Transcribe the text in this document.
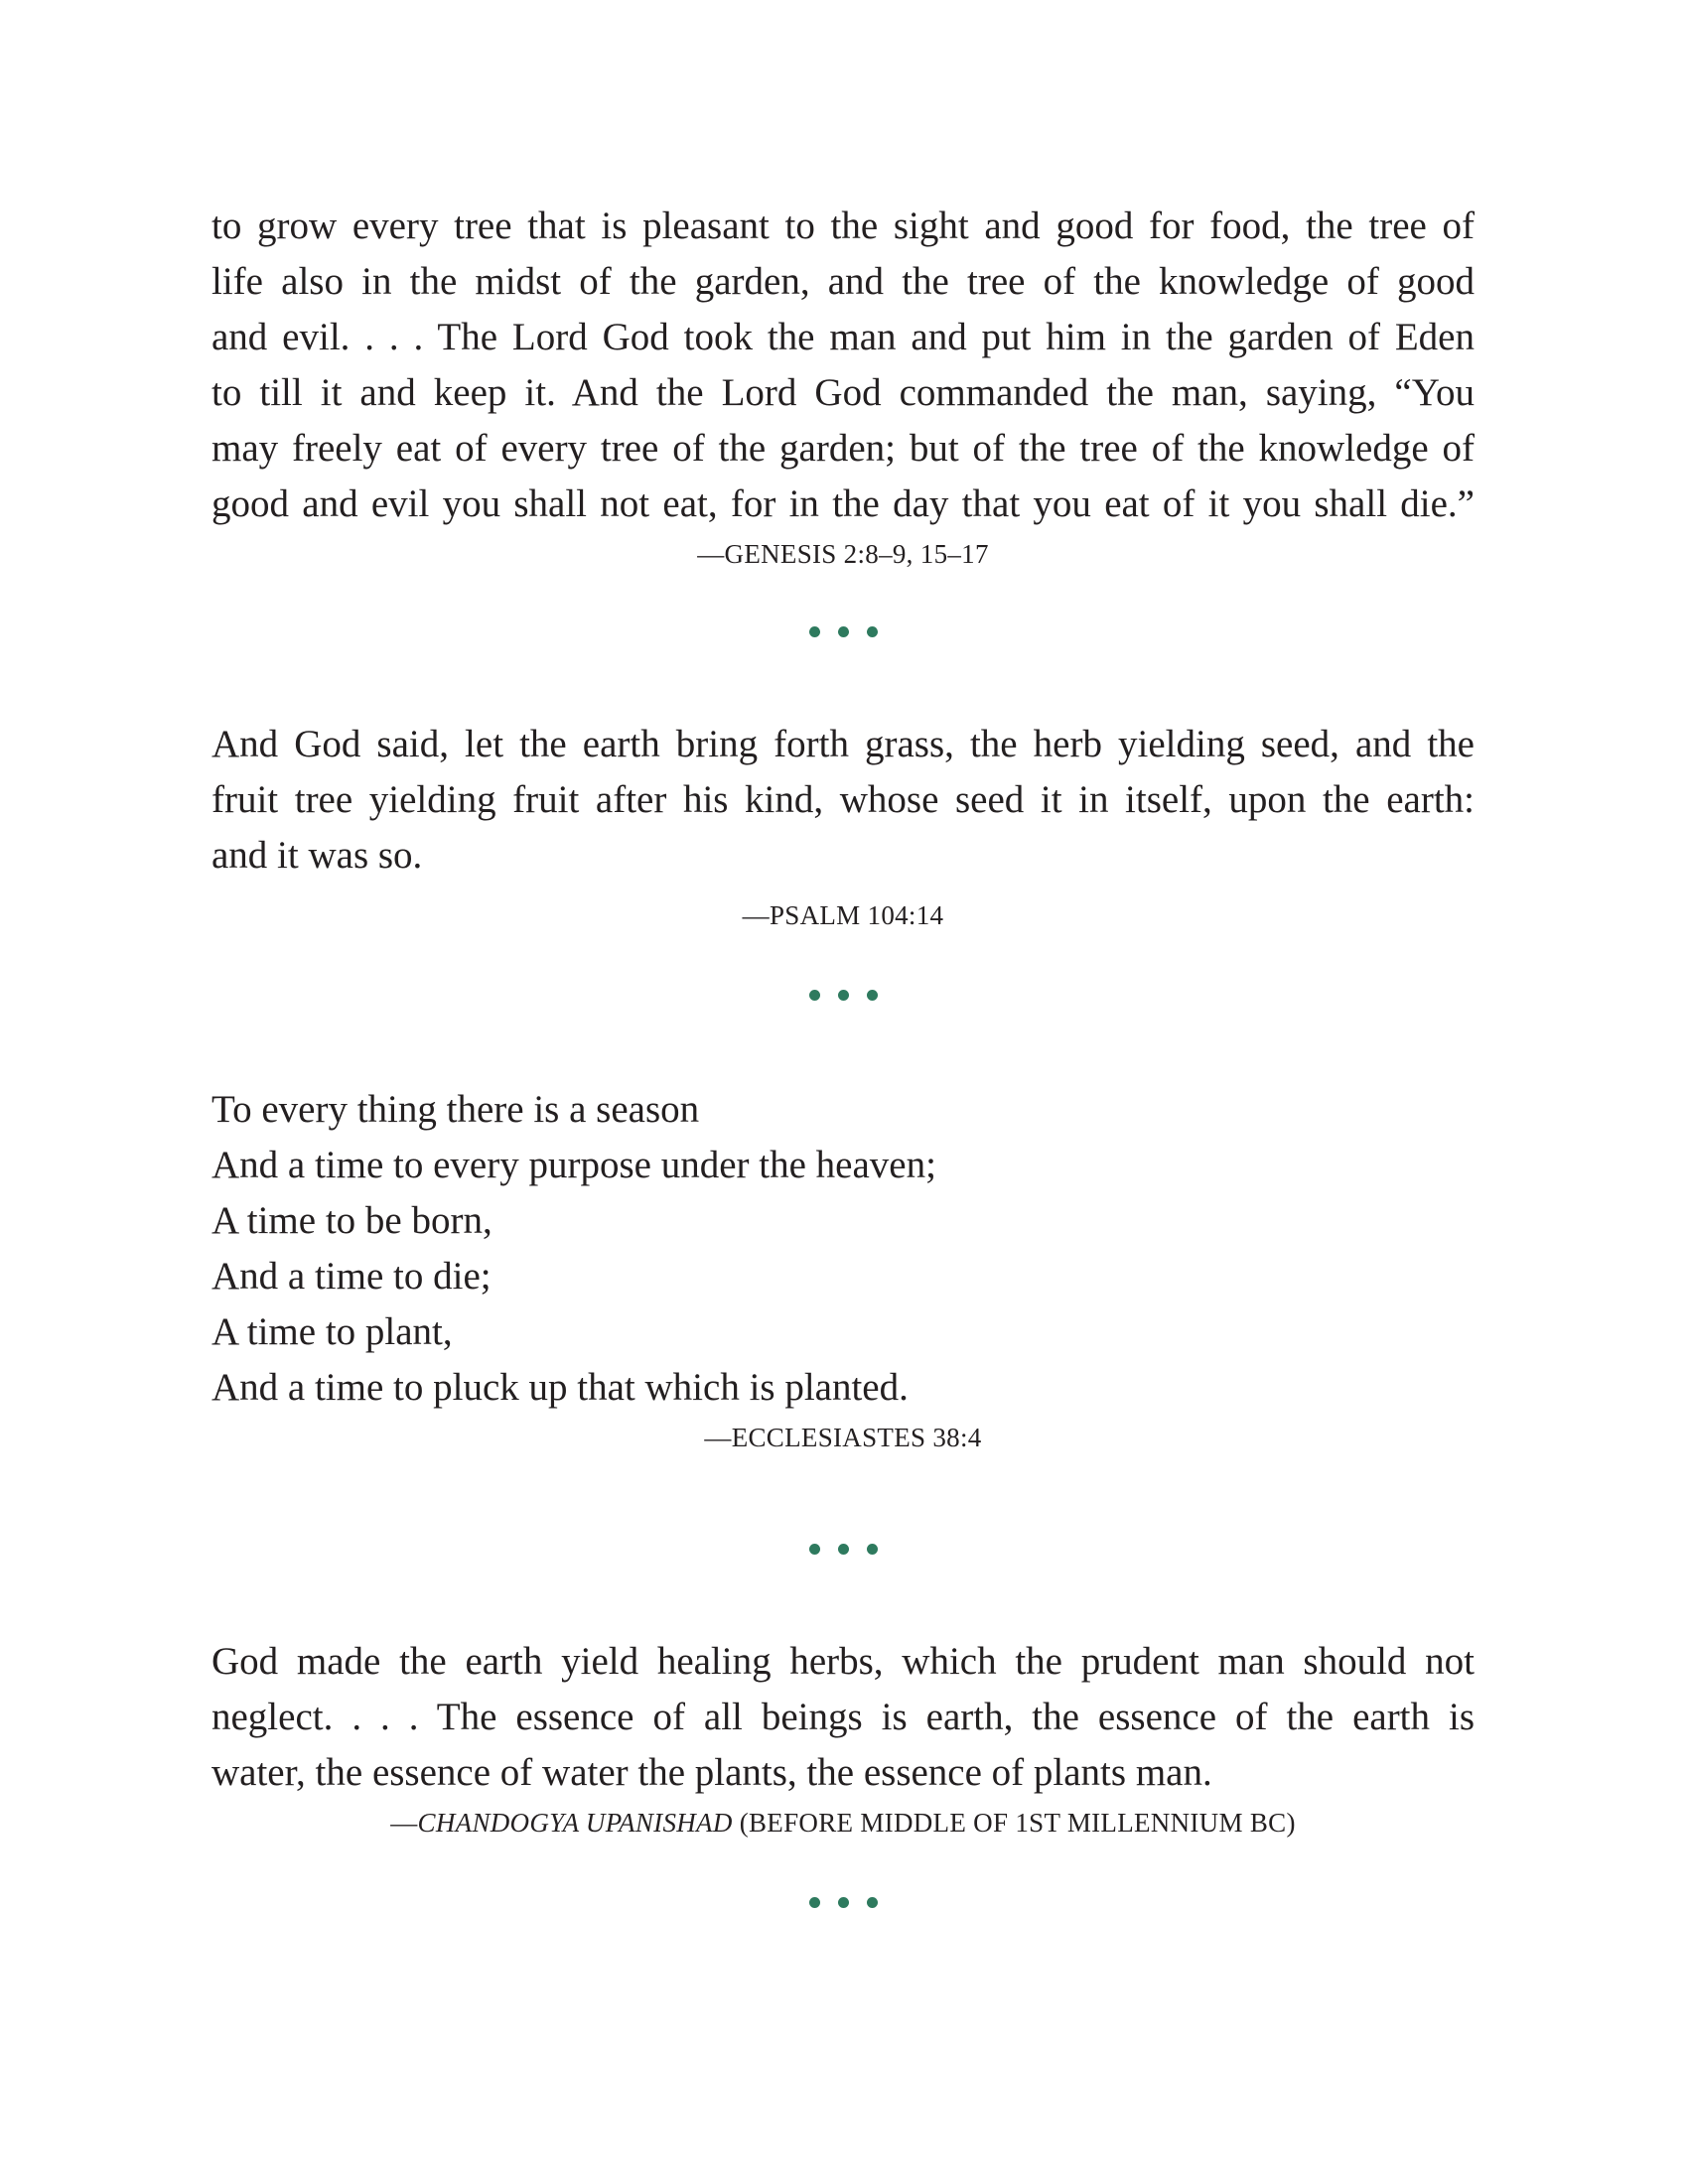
to grow every tree that is pleasant to the sight and good for food, the tree of
life also in the midst of the garden, and the tree of the knowledge of good
and evil. . . . The Lord God took the man and put him in the garden of Eden
to till it and keep it. And the Lord God commanded the man, saying, “You
may freely eat of every tree of the garden; but of the tree of the knowledge of
good and evil you shall not eat, for in the day that you eat of it you shall die.”
—GENESIS 2:8–9, 15–17
And God said, let the earth bring forth grass, the herb yielding seed, and the
fruit tree yielding fruit after his kind, whose seed it in itself, upon the earth:
and it was so.
—PSALM 104:14
To every thing there is a season
And a time to every purpose under the heaven;
A time to be born,
And a time to die;
A time to plant,
And a time to pluck up that which is planted.
—ECCLESIASTES 38:4
God made the earth yield healing herbs, which the prudent man should not
neglect. . . . The essence of all beings is earth, the essence of the earth is
water, the essence of water the plants, the essence of plants man.
—CHANDOGYA UPANISHAD (BEFORE MIDDLE OF 1ST MILLENNIUM BC)
